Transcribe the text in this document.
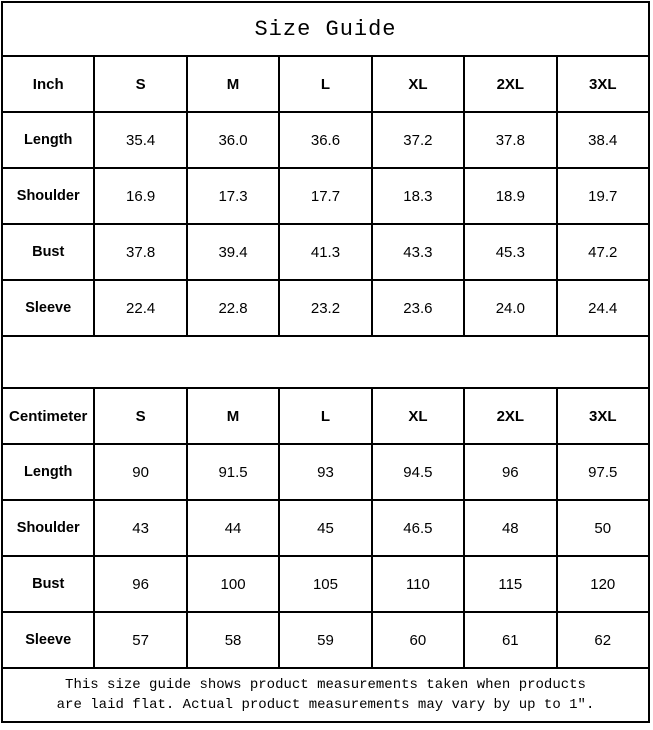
Size Guide						
Inch	S	M	L	XL	2XL	3XL
Length	35.4	36.0	36.6	37.2	37.8	38.4
Shoulder	16.9	17.3	17.7	18.3	18.9	19.7
Bust	37.8	39.4	41.3	43.3	45.3	47.2
Sleeve	22.4	22.8	23.2	23.6	24.0	24.4

Centimeter	S	M	L	XL	2XL	3XL
Length	90	91.5	93	94.5	96	97.5
Shoulder	43	44	45	46.5	48	50
Bust	96	100	105	110	115	120
Sleeve	57	58	59	60	61	62

This size guide shows product measurements taken when products
are laid flat. Actual product measurements may vary by up to 1″.						
